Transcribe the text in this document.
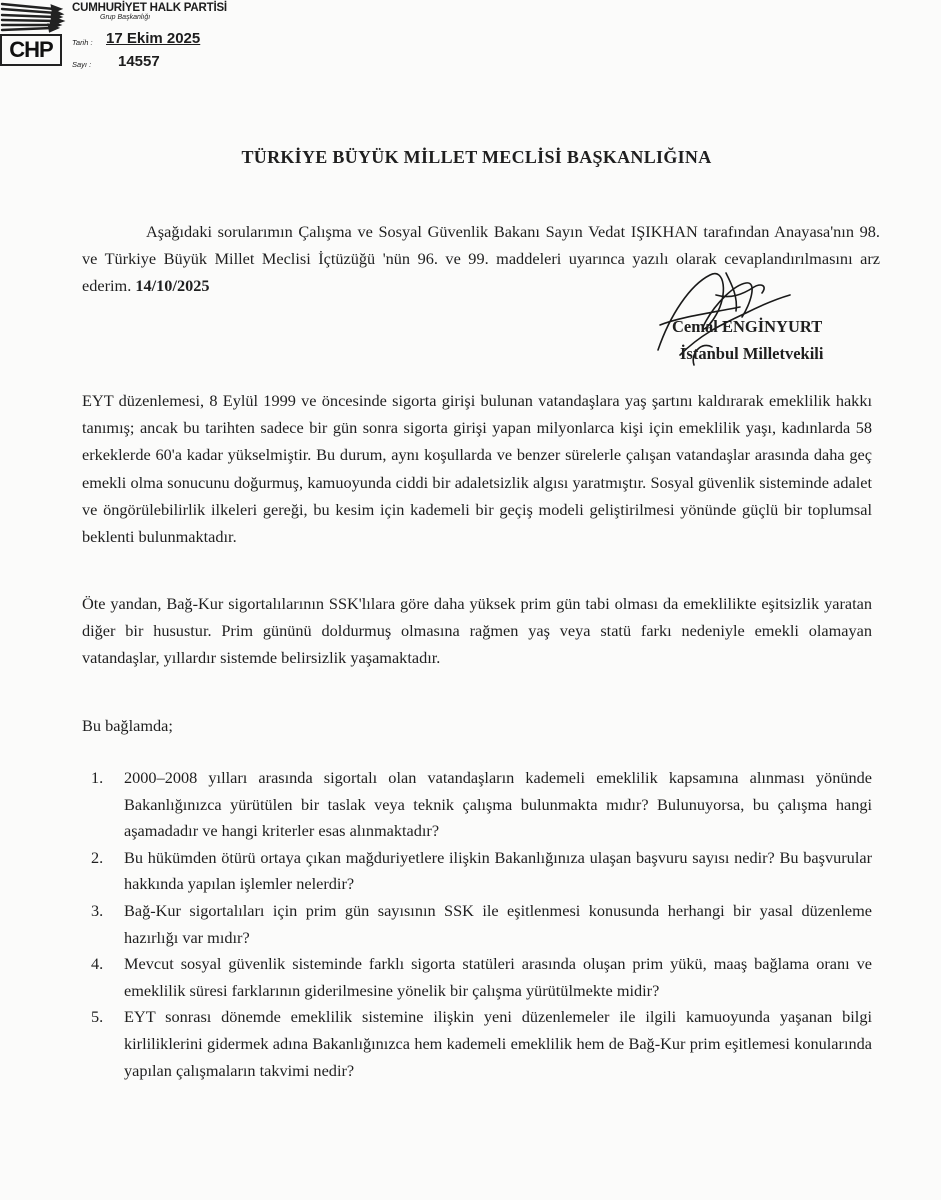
CHP
CUMHURİYET HALK PARTİSİ
Grup Başkanlığı
Tarih : 17 Ekim 2025
Sayı : 14557
TÜRKİYE BÜYÜK MİLLET MECLİSİ BAŞKANLIĞINA
Aşağıdaki sorularımın Çalışma ve Sosyal Güvenlik Bakanı Sayın Vedat IŞIKHAN tarafından Anayasa'nın 98. ve Türkiye Büyük Millet Meclisi İçtüzüğü 'nün 96. ve 99. maddeleri uyarınca yazılı olarak cevaplandırılmasını arz ederim. 14/10/2025
Cemal ENGİNYURT
İstanbul Milletvekili
EYT düzenlemesi, 8 Eylül 1999 ve öncesinde sigorta girişi bulunan vatandaşlara yaş şartını kaldırarak emeklilik hakkı tanımış; ancak bu tarihten sadece bir gün sonra sigorta girişi yapan milyonlarca kişi için emeklilik yaşı, kadınlarda 58 erkeklerde 60'a kadar yükselmiştir. Bu durum, aynı koşullarda ve benzer sürelerle çalışan vatandaşlar arasında daha geç emekli olma sonucunu doğurmuş, kamuoyunda ciddi bir adaletsizlik algısı yaratmıştır. Sosyal güvenlik sisteminde adalet ve öngörülebilirlik ilkeleri gereği, bu kesim için kademeli bir geçiş modeli geliştirilmesi yönünde güçlü bir toplumsal beklenti bulunmaktadır.
Öte yandan, Bağ-Kur sigortalılarının SSK'lılara göre daha yüksek prim gün tabi olması da emeklilikte eşitsizlik yaratan diğer bir husustur. Prim gününü doldurmuş olmasına rağmen yaş veya statü farkı nedeniyle emekli olamayan vatandaşlar, yıllardır sistemde belirsizlik yaşamaktadır.
Bu bağlamda;
1. 2000–2008 yılları arasında sigortalı olan vatandaşların kademeli emeklilik kapsamına alınması yönünde Bakanlığınızca yürütülen bir taslak veya teknik çalışma bulunmakta mıdır? Bulunuyorsa, bu çalışma hangi aşamadadır ve hangi kriterler esas alınmaktadır?
2. Bu hükümden ötürü ortaya çıkan mağduriyetlere ilişkin Bakanlığınıza ulaşan başvuru sayısı nedir? Bu başvurular hakkında yapılan işlemler nelerdir?
3. Bağ-Kur sigortalıları için prim gün sayısının SSK ile eşitlenmesi konusunda herhangi bir yasal düzenleme hazırlığı var mıdır?
4. Mevcut sosyal güvenlik sisteminde farklı sigorta statüleri arasında oluşan prim yükü, maaş bağlama oranı ve emeklilik süresi farklarının giderilmesine yönelik bir çalışma yürütülmekte midir?
5. EYT sonrası dönemde emeklilik sistemine ilişkin yeni düzenlemeler ile ilgili kamuoyunda yaşanan bilgi kirliliklerini gidermek adına Bakanlığınızca hem kademeli emeklilik hem de Bağ-Kur prim eşitlemesi konularında yapılan çalışmaların takvimi nedir?
